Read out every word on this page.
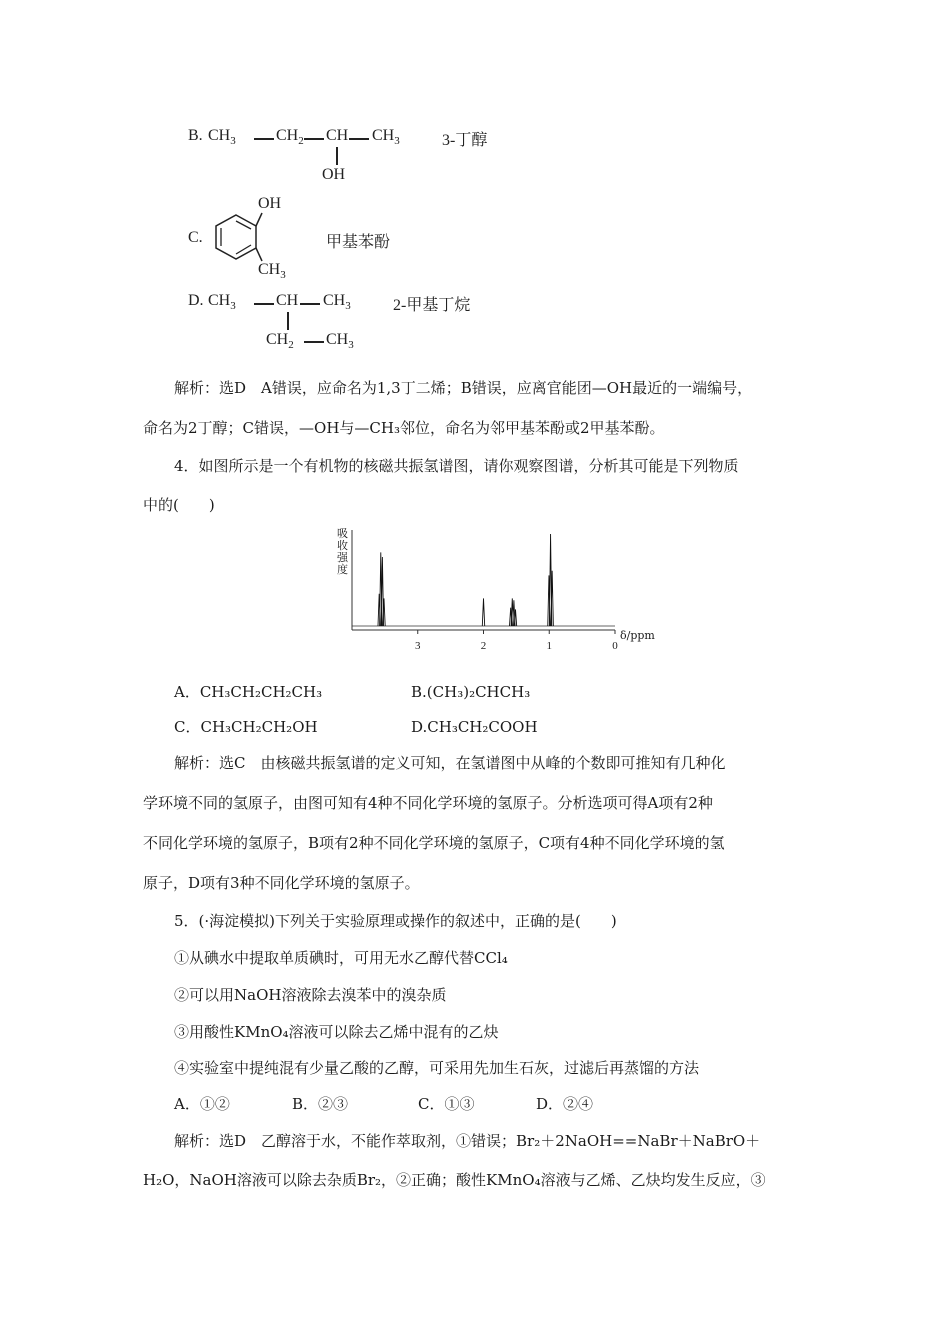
B. $CH_3$	$CH_2$ CH $CH_3$
OH
3-丁醇
C.
OH
$CH_3$
甲基苯酚
D. $CH_3$	CH $CH_3$
$CH_2$ $CH_3$
2-甲基丁烷
解析：选D　A错误，应命名为1,3丁二烯；B错误，应离官能团—OH最近的一端编号，
命名为2丁醇；C错误，—OH与—CH₃邻位，命名为邻甲基苯酚或2甲基苯酚。
4．如图所示是一个有机物的核磁共振氢谱图，请你观察图谱，分析其可能是下列物质
中的(　　)
3	2	1	0
吸收强度
δ/ppm
A．CH₃CH₂CH₂CH₃	B.(CH₃)₂CHCH₃
C．CH₃CH₂CH₂OH	D.CH₃CH₂COOH
解析：选C　由核磁共振氢谱的定义可知，在氢谱图中从峰的个数即可推知有几种化
学环境不同的氢原子，由图可知有4种不同化学环境的氢原子。分析选项可得A项有2种
不同化学环境的氢原子，B项有2种不同化学环境的氢原子，C项有4种不同化学环境的氢
原子，D项有3种不同化学环境的氢原子。
5．(·海淀模拟)下列关于实验原理或操作的叙述中，正确的是(　　)
①从碘水中提取单质碘时，可用无水乙醇代替CCl₄
②可以用NaOH溶液除去溴苯中的溴杂质
③用酸性KMnO₄溶液可以除去乙烯中混有的乙炔
④实验室中提纯混有少量乙酸的乙醇，可采用先加生石灰，过滤后再蒸馏的方法
A．①②	B．②③	C．①③	D．②④
解析：选D　乙醇溶于水，不能作萃取剂，①错误；Br₂＋2NaOH==NaBr＋NaBrO＋
H₂O，NaOH溶液可以除去杂质Br₂，②正确；酸性KMnO₄溶液与乙烯、乙炔均发生反应，③
